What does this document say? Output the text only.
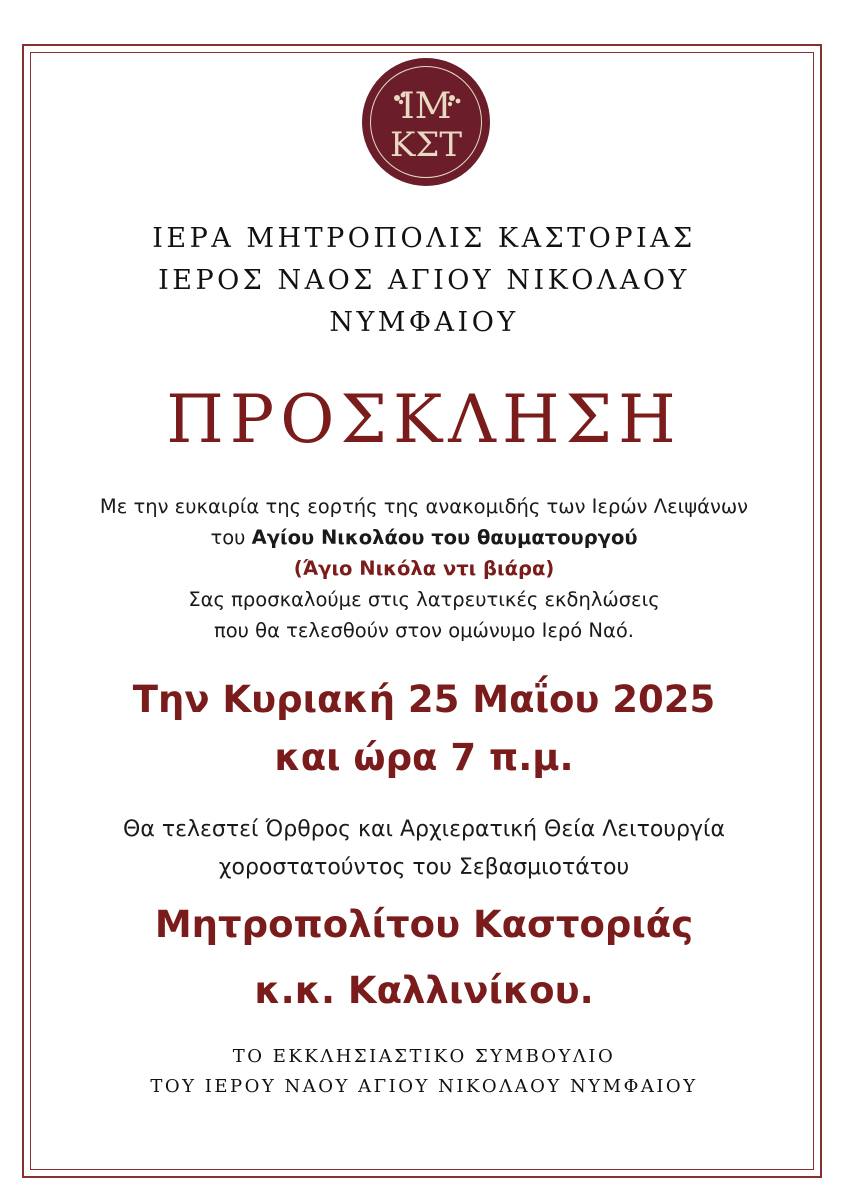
ΙΜ
ΚΣΤ
ΙΕΡΑ ΜΗΤΡΟΠΟΛΙΣ ΚΑΣΤΟΡΙΑΣ
ΙΕΡΟΣ ΝΑΟΣ ΑΓΙΟΥ ΝΙΚΟΛΑΟΥ
ΝΥΜΦΑΙΟΥ
ΠΡΟΣΚΛΗΣΗ
Με την ευκαιρία της εορτής της ανακομιδής των Ιερών Λειψάνων
του Αγίου Νικολάου του θαυματουργού
(Άγιο Νικόλα ντι βιάρα)
Σας προσκαλούμε στις λατρευτικές εκδηλώσεις
που θα τελεσθούν στον ομώνυμο Ιερό Ναό.
Την Κυριακή 25 Μαΐου 2025
και ώρα 7 π.μ.
Θα τελεστεί Όρθρος και Αρχιερατική Θεία Λειτουργία
χοροστατούντος του Σεβασμιοτάτου
Μητροπολίτου Καστοριάς
κ.κ. Καλλινίκου.
ΤΟ ΕΚΚΛΗΣΙΑΣΤΙΚΟ ΣΥΜΒΟΥΛΙΟ
ΤΟΥ ΙΕΡΟΥ ΝΑΟΥ ΑΓΙΟΥ ΝΙΚΟΛΑΟΥ ΝΥΜΦΑΙΟΥ
